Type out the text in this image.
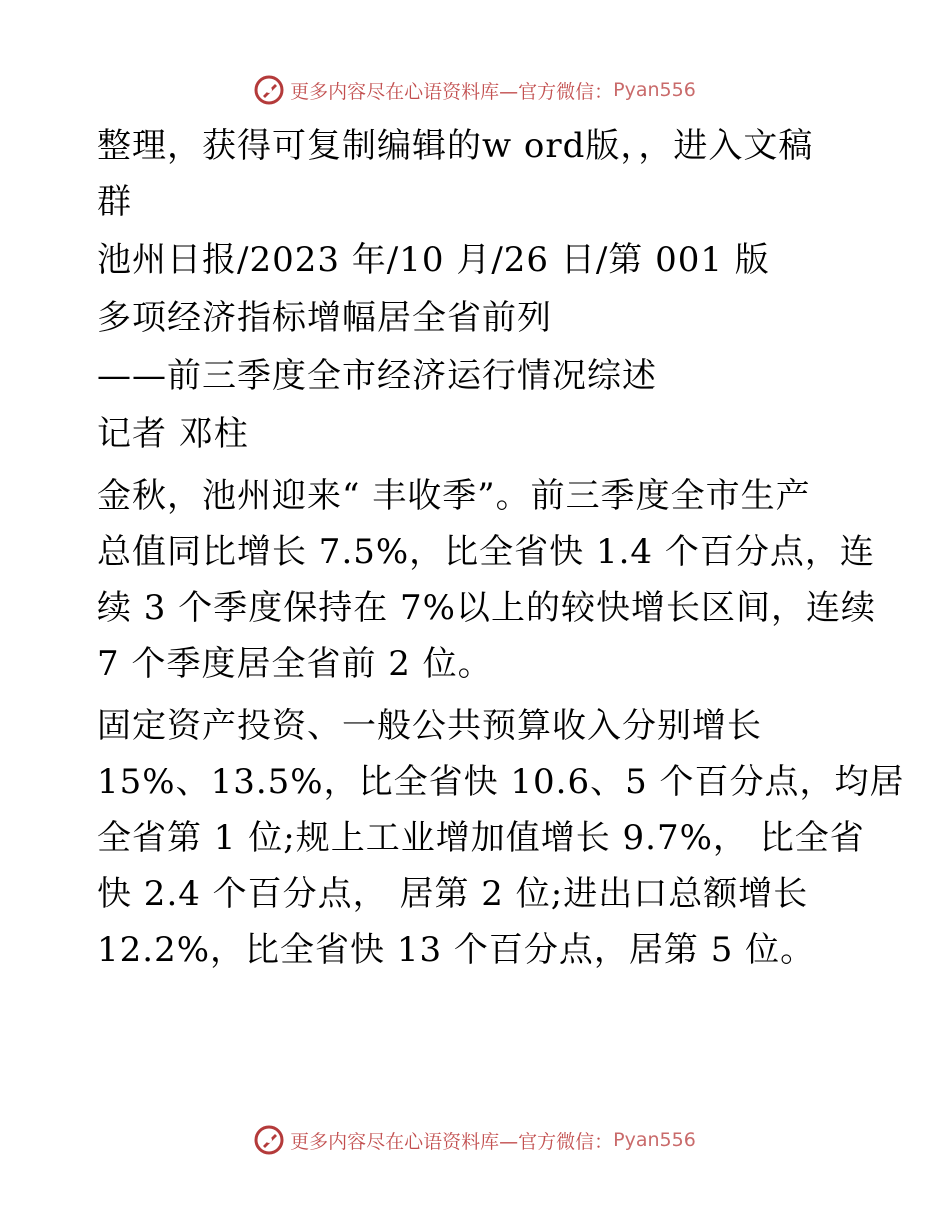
更多内容尽在心语资料库—官方微信： Pyan556

整理，获得可复制编辑的w ord版，，进入文稿

群

池州日报/2023 年/10 月/26 日/第 001 版

多项经济指标增幅居全省前列

——前三季度全市经济运行情况综述

记者 邓柱

金秋，池州迎来“ 丰收季”。前三季度全市生产

总值同比增长 7.5%，比全省快 1.4 个百分点，连

续 3 个季度保持在 7%以上的较快增长区间，连续

7 个季度居全省前 2 位。

固定资产投资、一般公共预算收入分别增长

15%、13.5%，比全省快 10.6、5 个百分点，均居

全省第 1 位;规上工业增加值增长 9.7%， 比全省

快 2.4 个百分点， 居第 2 位;进出口总额增长

12.2%，比全省快 13 个百分点，居第 5 位。

更多内容尽在心语资料库—官方微信： Pyan556
